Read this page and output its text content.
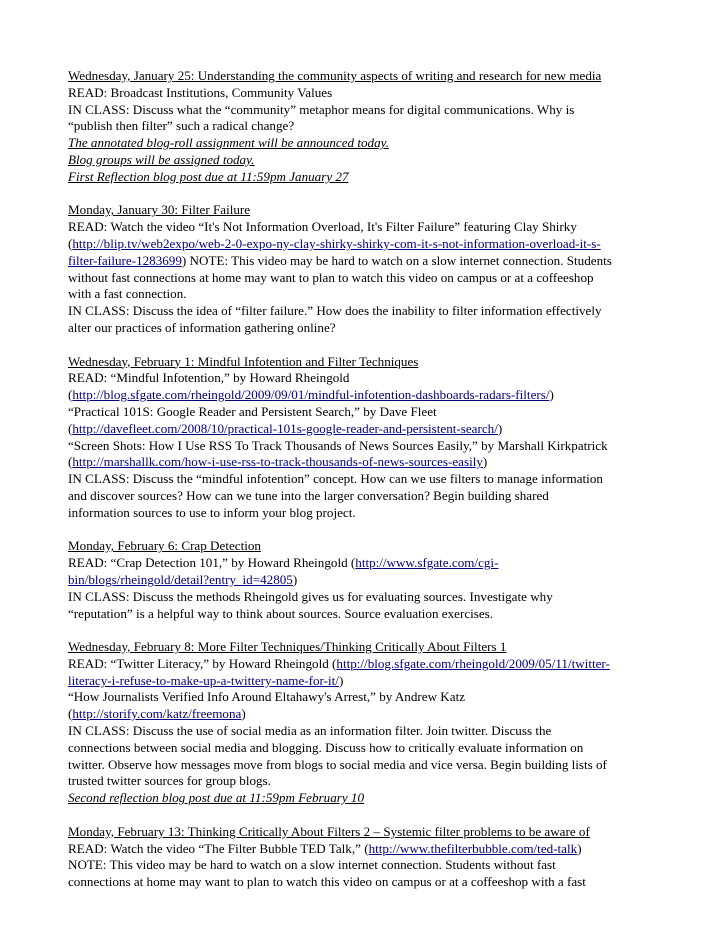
Wednesday, January 25: Understanding the community aspects of writing and research for new media
READ: Broadcast Institutions, Community Values
IN CLASS: Discuss what the “community” metaphor means for digital communications. Why is
“publish then filter” such a radical change?
The annotated blog-roll assignment will be announced today.
Blog groups will be assigned today.
First Reflection blog post due at 11:59pm January 27
Monday, January 30: Filter Failure
READ: Watch the video “It's Not Information Overload, It's Filter Failure” featuring Clay Shirky
(http://blip.tv/web2expo/web-2-0-expo-ny-clay-shirky-shirky-com-it-s-not-information-overload-it-s-
filter-failure-1283699) NOTE: This video may be hard to watch on a slow internet connection. Students
without fast connections at home may want to plan to watch this video on campus or at a coffeeshop
with a fast connection.
IN CLASS: Discuss the idea of “filter failure.” How does the inability to filter information effectively
alter our practices of information gathering online?
Wednesday, February 1: Mindful Infotention and Filter Techniques
READ: “Mindful Infotention,” by Howard Rheingold
(http://blog.sfgate.com/rheingold/2009/09/01/mindful-infotention-dashboards-radars-filters/)
“Practical 101S: Google Reader and Persistent Search,” by Dave Fleet
(http://davefleet.com/2008/10/practical-101s-google-reader-and-persistent-search/)
“Screen Shots: How I Use RSS To Track Thousands of News Sources Easily,” by Marshall Kirkpatrick
(http://marshallk.com/how-i-use-rss-to-track-thousands-of-news-sources-easily)
IN CLASS: Discuss the “mindful infotention” concept. How can we use filters to manage information
and discover sources? How can we tune into the larger conversation? Begin building shared
information sources to use to inform your blog project.
Monday, February 6: Crap Detection
READ: “Crap Detection 101,” by Howard Rheingold (http://www.sfgate.com/cgi-
bin/blogs/rheingold/detail?entry_id=42805)
IN CLASS: Discuss the methods Rheingold gives us for evaluating sources. Investigate why
“reputation” is a helpful way to think about sources. Source evaluation exercises.
Wednesday, February 8: More Filter Techniques/Thinking Critically About Filters 1
READ: “Twitter Literacy,” by Howard Rheingold (http://blog.sfgate.com/rheingold/2009/05/11/twitter-
literacy-i-refuse-to-make-up-a-twittery-name-for-it/)
“How Journalists Verified Info Around Eltahawy's Arrest,” by Andrew Katz
(http://storify.com/katz/freemona)
IN CLASS: Discuss the use of social media as an information filter. Join twitter. Discuss the
connections between social media and blogging. Discuss how to critically evaluate information on
twitter. Observe how messages move from blogs to social media and vice versa. Begin building lists of
trusted twitter sources for group blogs.
Second reflection blog post due at 11:59pm February 10
Monday, February 13: Thinking Critically About Filters 2 – Systemic filter problems to be aware of
READ: Watch the video “The Filter Bubble TED Talk,” (http://www.thefilterbubble.com/ted-talk)
NOTE: This video may be hard to watch on a slow internet connection. Students without fast
connections at home may want to plan to watch this video on campus or at a coffeeshop with a fast
